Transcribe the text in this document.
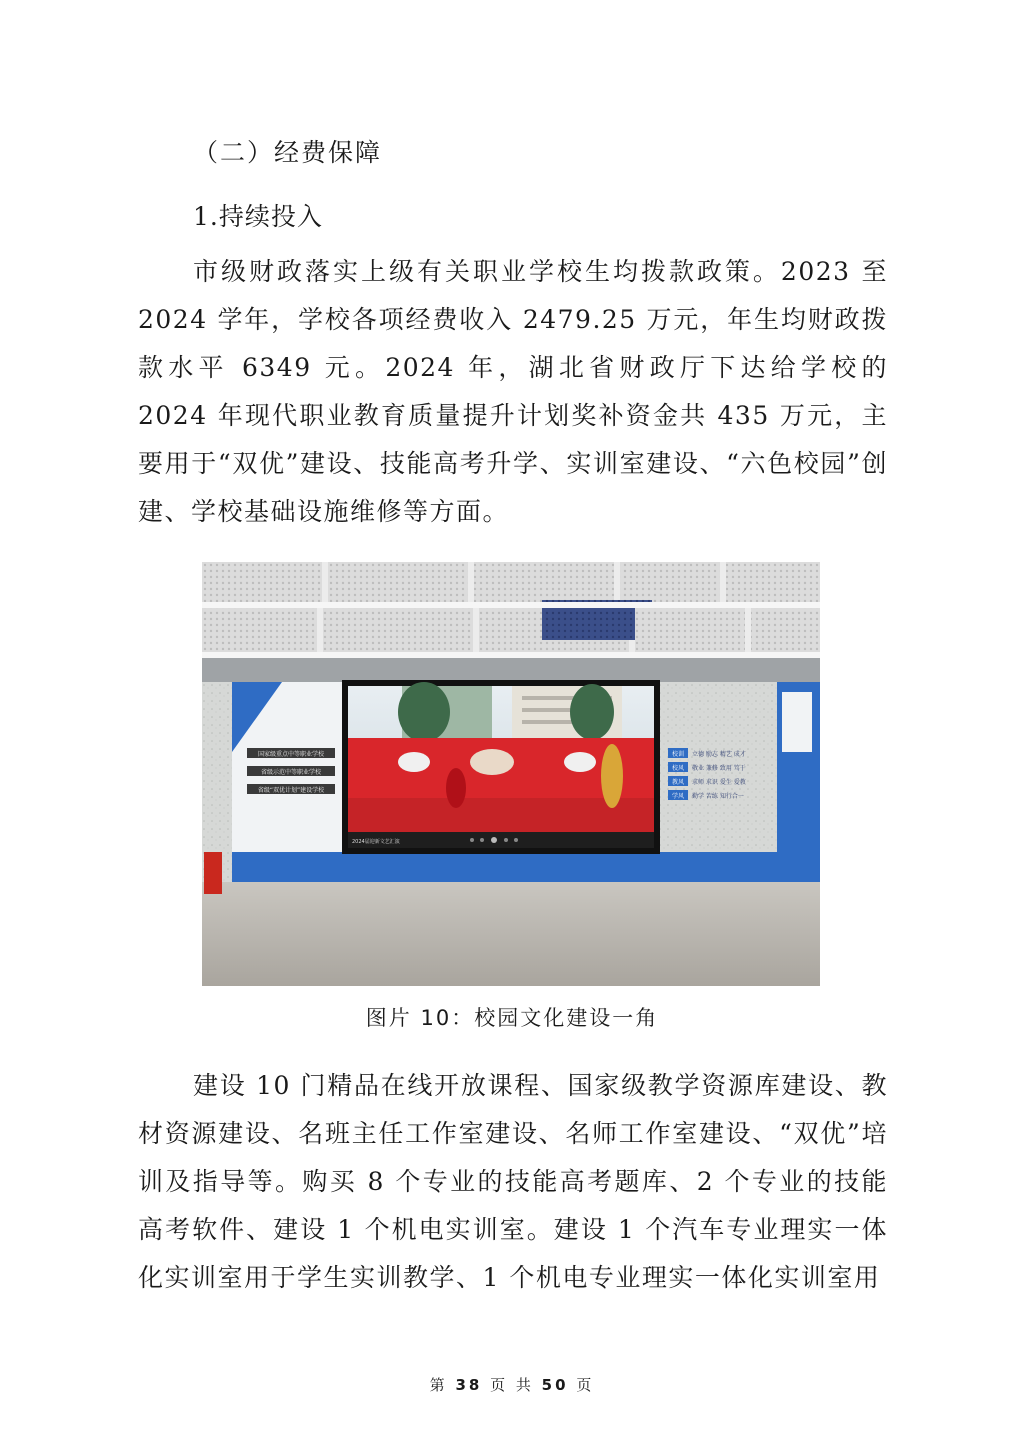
（二）经费保障
1.持续投入

市级财政落实上级有关职业学校生均拨款政策。2023 至 2024 学年，学校各项经费收入 2479.25 万元，年生均财政拨款水平 6349 元。2024 年，湖北省财政厅下达给学校的 2024 年现代职业教育质量提升计划奖补资金共 435 万元，主要用于“双优”建设、技能高考升学、实训室建设、“六色校园”创建、学校基础设施维修等方面。

国家级重点中等职业学校
省级示范中等职业学校
省级“双优计划”建设学校
校训
校风
教风
学风
立德 励志 精艺 成才
敬业 兼修 致用 笃于
求师 求识 爱生 爱教
勤学 苦练 知行合一
2024届迎新文艺汇演
图片 10：校园文化建设一角

建设 10 门精品在线开放课程、国家级教学资源库建设、教材资源建设、名班主任工作室建设、名师工作室建设、“双优”培训及指导等。购买 8 个专业的技能高考题库、2 个专业的技能高考软件、建设 1 个机电实训室。建设 1 个汽车专业理实一体化实训室用于学生实训教学、1 个机电专业理实一体化实训室用

第 38 页 共 50 页
